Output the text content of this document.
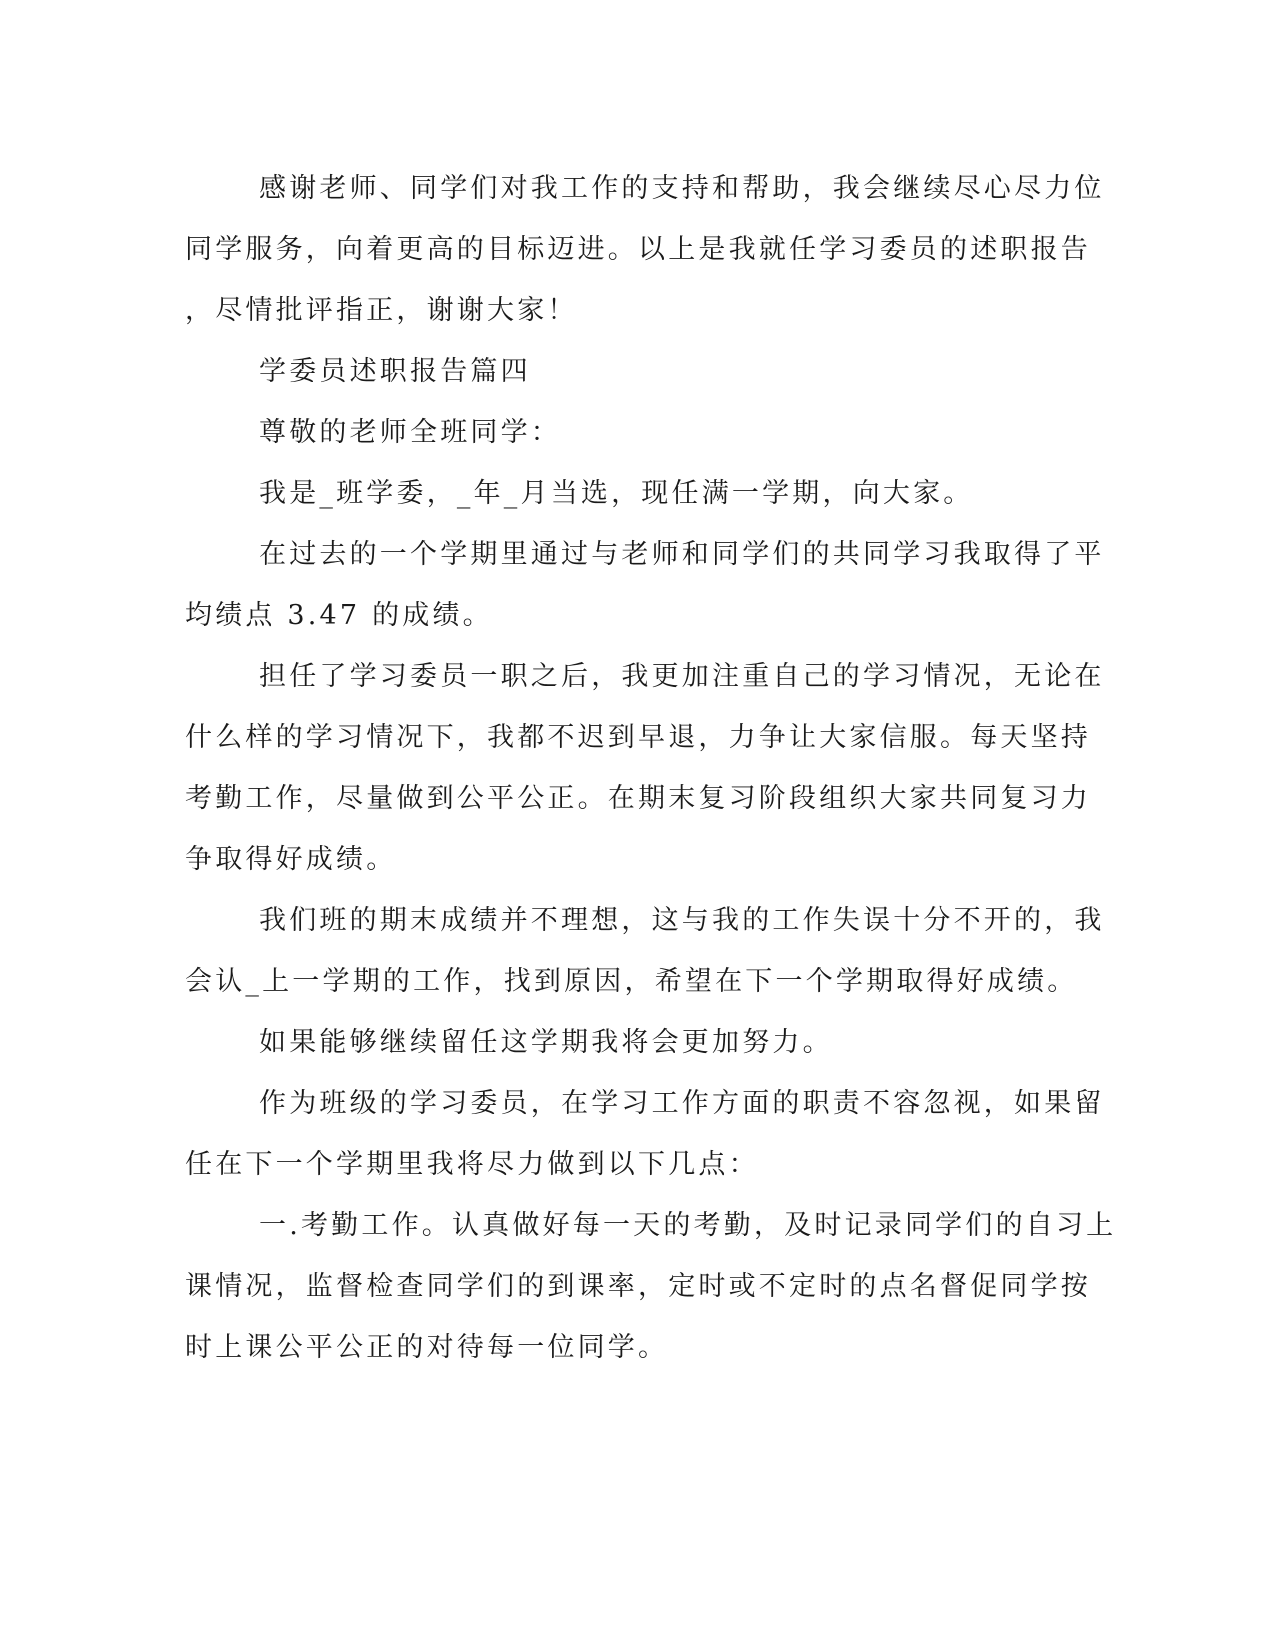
感谢老师、同学们对我工作的支持和帮助，我会继续尽心尽力位
同学服务，向着更高的目标迈进。以上是我就任学习委员的述职报告
，尽情批评指正，谢谢大家！
学委员述职报告篇四
尊敬的老师全班同学：
我是_班学委，_年_月当选，现任满一学期，向大家。
在过去的一个学期里通过与老师和同学们的共同学习我取得了平
均绩点 3.47 的成绩。
担任了学习委员一职之后，我更加注重自己的学习情况，无论在
什么样的学习情况下，我都不迟到早退，力争让大家信服。每天坚持
考勤工作，尽量做到公平公正。在期末复习阶段组织大家共同复习力
争取得好成绩。
我们班的期末成绩并不理想，这与我的工作失误十分不开的，我
会认_上一学期的工作，找到原因，希望在下一个学期取得好成绩。
如果能够继续留任这学期我将会更加努力。
作为班级的学习委员，在学习工作方面的职责不容忽视，如果留
任在下一个学期里我将尽力做到以下几点：
一.考勤工作。认真做好每一天的考勤，及时记录同学们的自习上
课情况，监督检查同学们的到课率，定时或不定时的点名督促同学按
时上课公平公正的对待每一位同学。
